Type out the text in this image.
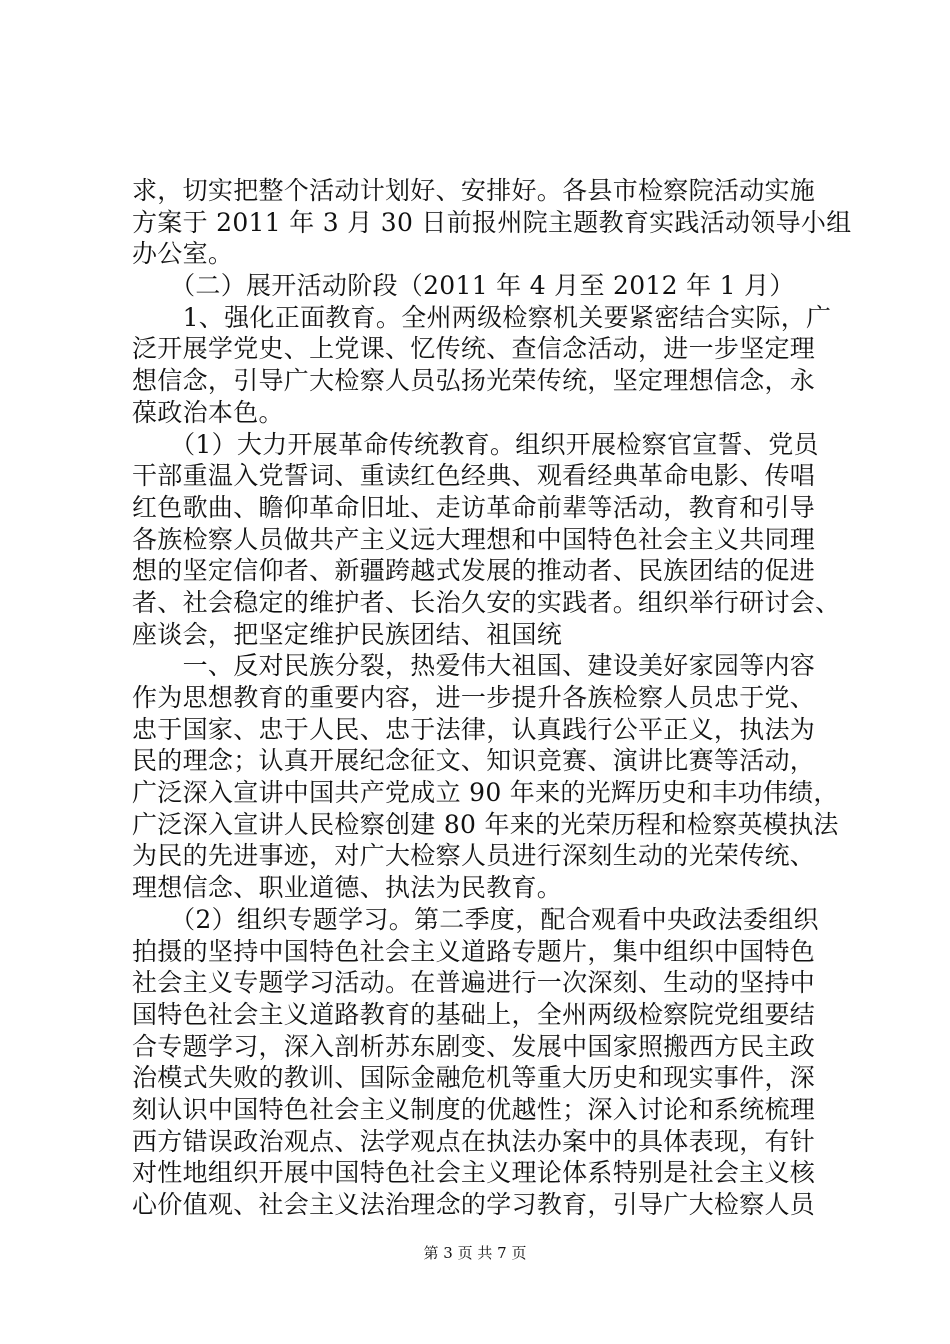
求，切实把整个活动计划好、安排好。各县市检察院活动实施
方案于 2011 年 3 月 30 日前报州院主题教育实践活动领导小组
办公室。
　　（二）展开活动阶段（2011 年 4 月至 2012 年 1 月）
　　1、强化正面教育。全州两级检察机关要紧密结合实际，广
泛开展学党史、上党课、忆传统、查信念活动，进一步坚定理
想信念，引导广大检察人员弘扬光荣传统，坚定理想信念，永
葆政治本色。
　　（1）大力开展革命传统教育。组织开展检察官宣誓、党员
干部重温入党誓词、重读红色经典、观看经典革命电影、传唱
红色歌曲、瞻仰革命旧址、走访革命前辈等活动，教育和引导
各族检察人员做共产主义远大理想和中国特色社会主义共同理
想的坚定信仰者、新疆跨越式发展的推动者、民族团结的促进
者、社会稳定的维护者、长治久安的实践者。组织举行研讨会、
座谈会，把坚定维护民族团结、祖国统
　　一、反对民族分裂，热爱伟大祖国、建设美好家园等内容
作为思想教育的重要内容，进一步提升各族检察人员忠于党、
忠于国家、忠于人民、忠于法律，认真践行公平正义，执法为
民的理念；认真开展纪念征文、知识竞赛、演讲比赛等活动，
广泛深入宣讲中国共产党成立 90 年来的光辉历史和丰功伟绩，
广泛深入宣讲人民检察创建 80 年来的光荣历程和检察英模执法
为民的先进事迹，对广大检察人员进行深刻生动的光荣传统、
理想信念、职业道德、执法为民教育。
　　（2）组织专题学习。第二季度，配合观看中央政法委组织
拍摄的坚持中国特色社会主义道路专题片，集中组织中国特色
社会主义专题学习活动。在普遍进行一次深刻、生动的坚持中
国特色社会主义道路教育的基础上，全州两级检察院党组要结
合专题学习，深入剖析苏东剧变、发展中国家照搬西方民主政
治模式失败的教训、国际金融危机等重大历史和现实事件，深
刻认识中国特色社会主义制度的优越性；深入讨论和系统梳理
西方错误政治观点、法学观点在执法办案中的具体表现，有针
对性地组织开展中国特色社会主义理论体系特别是社会主义核
心价值观、社会主义法治理念的学习教育，引导广大检察人员
第 3 页 共 7 页
